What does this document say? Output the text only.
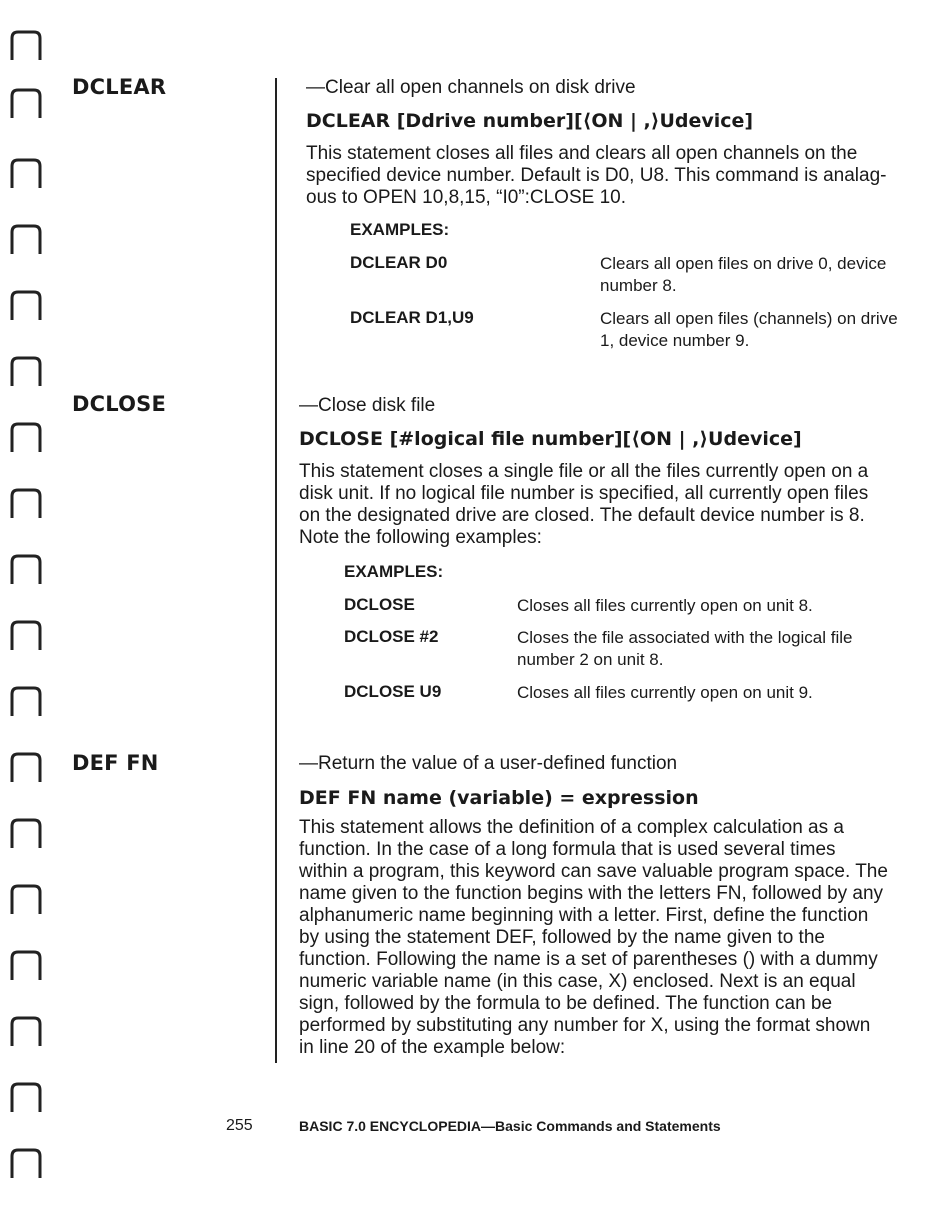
DCLEAR	—Clear all open channels on disk drive
DCLEAR [Ddrive number][⟨ON | ,⟩Udevice]
This statement closes all files and clears all open channels on the specified device number. Default is D0, U8. This command is analag-ous to OPEN 10,8,15, “I0”:CLOSE 10.
EXAMPLES:
DCLEAR D0	Clears all open files on drive 0, device number 8.
DCLEAR D1,U9	Clears all open files (channels) on drive 1, device number 9.
DCLOSE	—Close disk file
DCLOSE [#logical file number][⟨ON | ,⟩Udevice]
This statement closes a single file or all the files currently open on a disk unit. If no logical file number is specified, all currently open files on the designated drive are closed. The default device number is 8. Note the following examples:
EXAMPLES:
DCLOSE	Closes all files currently open on unit 8.
DCLOSE #2	Closes the file associated with the logical file number 2 on unit 8.
DCLOSE U9	Closes all files currently open on unit 9.
DEF FN	—Return the value of a user-defined function
DEF FN name (variable) = expression
This statement allows the definition of a complex calculation as a function. In the case of a long formula that is used several times within a program, this keyword can save valuable program space. The name given to the function begins with the letters FN, followed by any alphanumeric name beginning with a letter. First, define the function by using the statement DEF, followed by the name given to the function. Following the name is a set of parentheses () with a dummy numeric variable name (in this case, X) enclosed. Next is an equal sign, followed by the formula to be defined. The function can be performed by substituting any number for X, using the format shown in line 20 of the example below:
255	BASIC 7.0 ENCYCLOPEDIA—Basic Commands and Statements
